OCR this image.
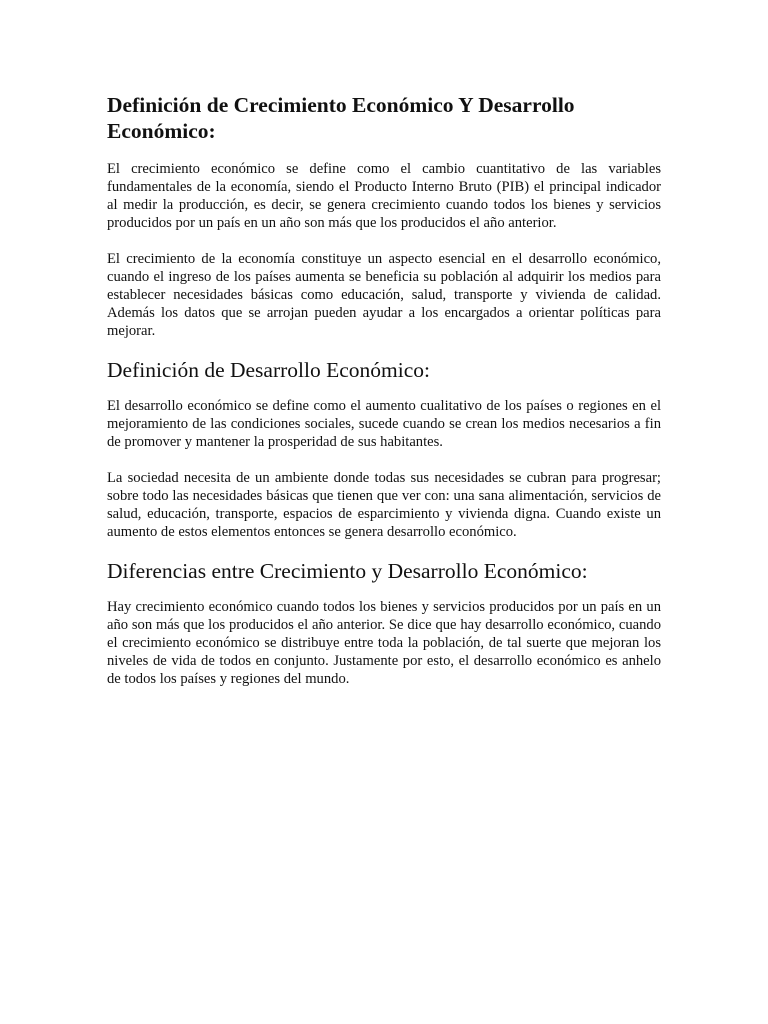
Definición de Crecimiento Económico Y Desarrollo Económico:

El crecimiento económico se define como el cambio cuantitativo de las variables fundamentales de la economía, siendo el Producto Interno Bruto (PIB) el principal indicador al medir la producción, es decir, se genera crecimiento cuando todos los bienes y servicios producidos por un país en un año son más que los producidos el año anterior.

El crecimiento de la economía constituye un aspecto esencial en el desarrollo económico, cuando el ingreso de los países aumenta se beneficia su población al adquirir los medios para establecer necesidades básicas como educación, salud, transporte y vivienda de calidad. Además los datos que se arrojan pueden ayudar a los encargados a orientar políticas para mejorar.

Definición de Desarrollo Económico:

El desarrollo económico se define como el aumento cualitativo de los países o regiones en el mejoramiento de las condiciones sociales, sucede cuando se crean los medios necesarios a fin de promover y mantener la prosperidad de sus habitantes.

La sociedad necesita de un ambiente donde todas sus necesidades se cubran para progresar; sobre todo las necesidades básicas que tienen que ver con: una sana alimentación, servicios de salud, educación, transporte, espacios de esparcimiento y vivienda digna. Cuando existe un aumento de estos elementos entonces se genera desarrollo económico.

Diferencias entre Crecimiento y Desarrollo Económico:

Hay crecimiento económico cuando todos los bienes y servicios producidos por un país en un año son más que los producidos el año anterior. Se dice que hay desarrollo económico, cuando el crecimiento económico se distribuye entre toda la población, de tal suerte que mejoran los niveles de vida de todos en conjunto. Justamente por esto, el desarrollo económico es anhelo de todos los países y regiones del mundo.
